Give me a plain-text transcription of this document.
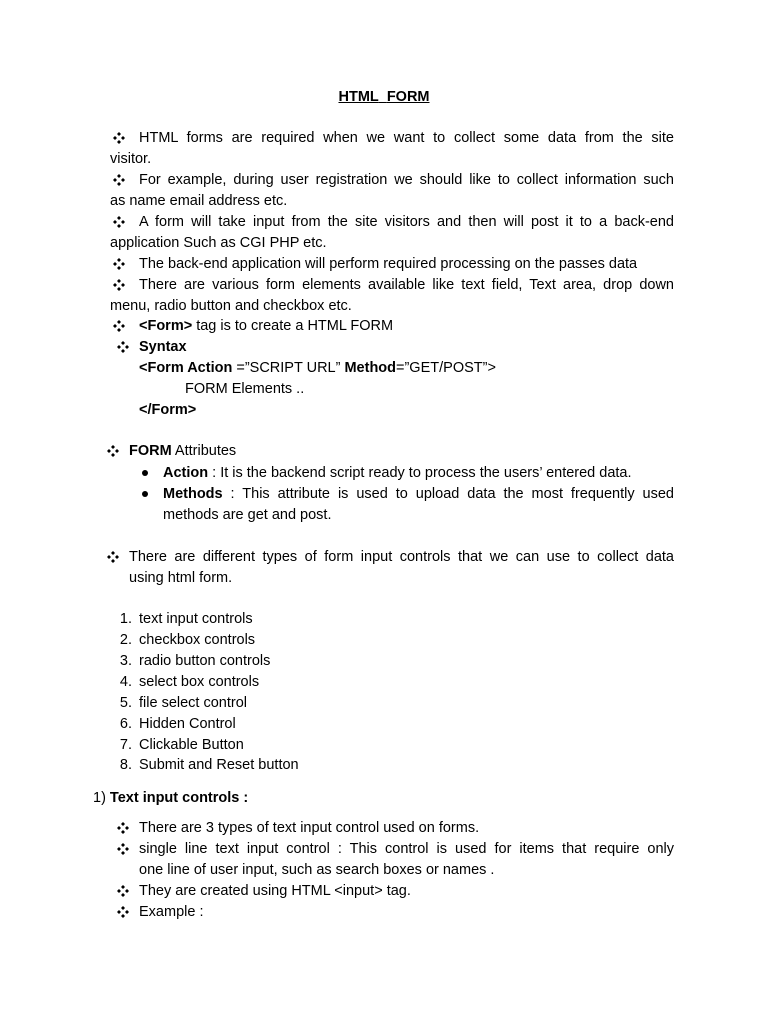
HTML FORM
HTML forms are required when we want to collect some data from the site
visitor.
For example, during user registration we should like to collect information such
as name email address etc.
A form will take input from the site visitors and then will post it to a back-end
application Such as CGI PHP etc.
The back-end application will perform required processing on the passes data
There are various form elements available like text field, Text area, drop down
menu, radio button and checkbox etc.
<Form> tag is to create a HTML FORM
Syntax
<Form Action =”SCRIPT URL” Method=”GET/POST”>
FORM Elements ..
</Form>
FORM Attributes
Action : It is the backend script ready to process the users’ entered data.
Methods : This attribute is used to upload data the most frequently used
methods are get and post.
There are different types of form input controls that we can use to collect data
using html form.
1. text input controls
2. checkbox controls
3. radio button controls
4. select box controls
5. file select control
6. Hidden Control
7. Clickable Button
8. Submit and Reset button
1) Text input controls :
There are 3 types of text input control used on forms.
single line text input control : This control is used for items that require only
one line of user input, such as search boxes or names .
They are created using HTML <input> tag.
Example :
